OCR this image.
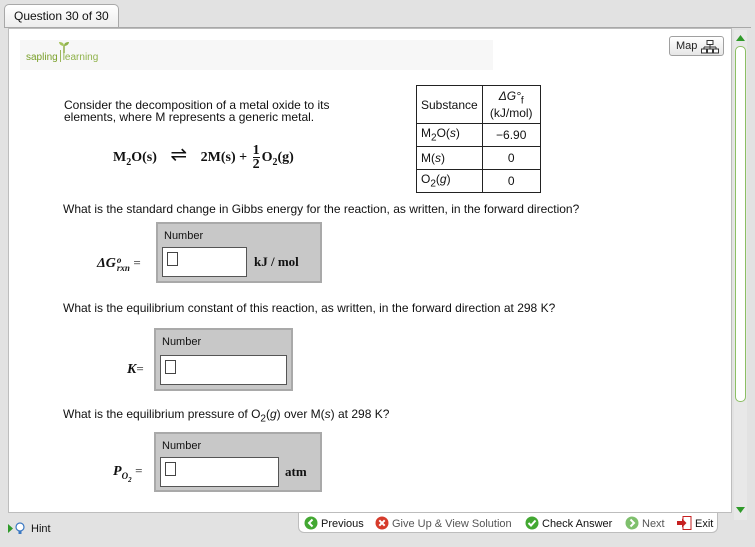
Question 30 of 30
sapling learning
Map
Consider the decomposition of a metal oxide to its elements, where M represents a generic metal.
$M_2O(s)$ ⇌ $2M(s) + \frac{1}{2} O_2(g)$
Substance	$\Delta G^\circ_f$
(kJ/mol)
$M_2O(s)$	−6.90
M(s)	0
$O_2(g)$	0
What is the standard change in Gibbs energy for the reaction, as written, in the forward direction?
ΔG o
rxn =
Number
kJ / mol
What is the equilibrium constant of this reaction, as written, in the forward direction at 298 K?
K=
Number
What is the equilibrium pressure of $O_2(g)$ over M(s) at 298 K?
$P_{O_2}$ =
Number
atm
Hint	Previous	Give Up & View Solution	Check Answer	Next	Exit
